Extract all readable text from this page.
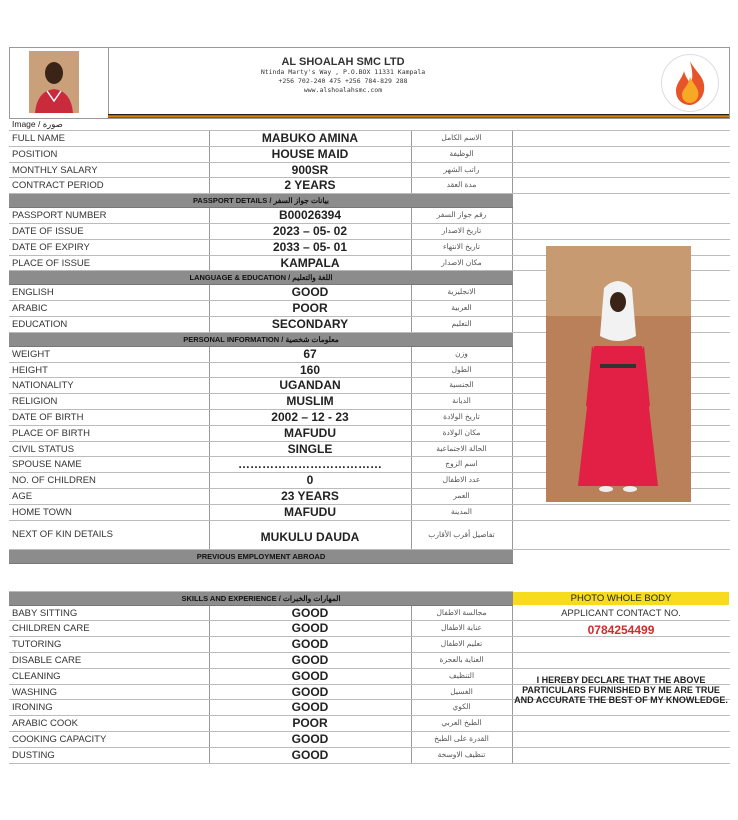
AL SHOALAH SMC LTD
Ntinda Marty's Way , P.O.BOX 11331 Kampala
+256 702-240 475 +256 784-829 288
www.alshoalahsmc.com
Image / صورة
FULL NAME	MABUKO AMINA	الاسم الكامل
POSITION	HOUSE MAID	الوظيفة
MONTHLY SALARY	900SR	راتب الشهر
CONTRACT PERIOD	2 YEARS	مدة العقد
PASSPORT DETAILS / بيانات جواز السفر
PASSPORT NUMBER	B00026394	رقم جواز السفر
DATE OF ISSUE	2023 – 05- 02	تاريخ الاصدار
DATE OF EXPIRY	2033 – 05- 01	تاريخ الانتهاء
PLACE OF ISSUE	KAMPALA	مكان الاصدار
LANGUAGE & EDUCATION / اللغة والتعليم
ENGLISH	GOOD	الانجليزية
ARABIC	POOR	العربية
EDUCATION	SECONDARY	التعليم
PERSONAL INFORMATION / معلومات شخصية
WEIGHT	67	وزن
HEIGHT	160	الطول
NATIONALITY	UGANDAN	الجنسية
RELIGION	MUSLIM	الديانة
DATE OF BIRTH	2002 – 12 - 23	تاريخ الولادة
PLACE OF BIRTH	MAFUDU	مكان الولادة
CIVIL STATUS	SINGLE	الحالة الاجتماعية
SPOUSE NAME	………………………………	اسم الزوج
NO. OF CHILDREN	0	عدد الاطفال
AGE	23 YEARS	العمر
HOME TOWN	MAFUDU	المدينة
NEXT OF KIN DETAILS	MUKULU DAUDA	تفاصيل أقرب الأقارب
PREVIOUS EMPLOYMENT ABROAD
SKILLS AND EXPERIENCE / المهارات والخبرات
BABY SITTING	GOOD	مجالسة الاطفال
CHILDREN CARE	GOOD	عناية الاطفال
TUTORING	GOOD	تعليم الاطفال
DISABLE CARE	GOOD	العناية بالعجزة
CLEANING	GOOD	التنظيف
WASHING	GOOD	الغسيل
IRONING	GOOD	الكوي
ARABIC COOK	POOR	الطبخ العربي
COOKING CAPACITY	GOOD	القدرة على الطبخ
DUSTING	GOOD	تنظيف الاوسخة
PHOTO WHOLE BODY
APPLICANT CONTACT NO.
0784254499
I HEREBY DECLARE THAT THE ABOVE PARTICULARS FURNISHED BY ME ARE TRUE AND ACCURATE THE BEST OF MY KNOWLEDGE.
